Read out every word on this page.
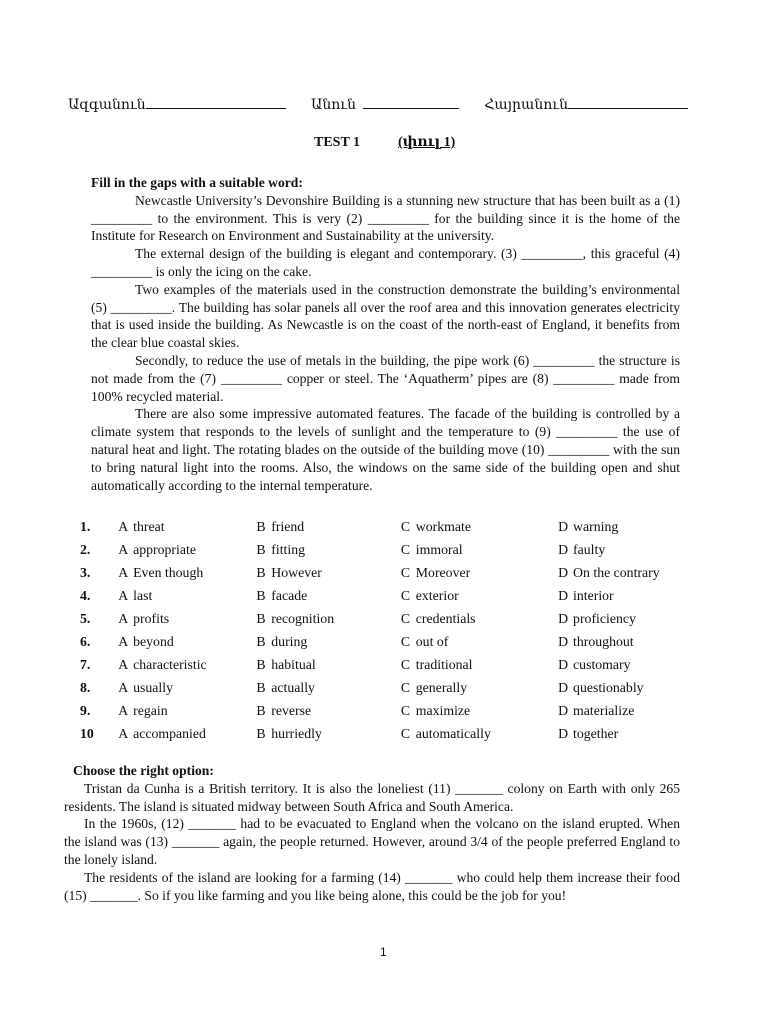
Ազգանուն	Անուն	Հայրանուն
TEST 1	(փուլ 1)
Fill in the gaps with a suitable word:

Newcastle University’s Devonshire Building is a stunning new structure that has been built as a (1) _________ to the environment. This is very (2) _________ for the building since it is the home of the Institute for Research on Environment and Sustainability at the university.

The external design of the building is elegant and contemporary. (3) _________, this graceful (4) _________ is only the icing on the cake.

Two examples of the materials used in the construction demonstrate the building’s environmental (5) _________. The building has solar panels all over the roof area and this innovation generates electricity that is used inside the building. As Newcastle is on the coast of the north-east of England, it benefits from the clear blue coastal skies.

Secondly, to reduce the use of metals in the building, the pipe work (6) _________ the structure is not made from the (7) _________ copper or steel. The ‘Aquatherm’ pipes are (8) _________ made from 100% recycled material.

There are also some impressive automated features. The facade of the building is controlled by a climate system that responds to the levels of sunlight and the temperature to (9) _________ the use of natural heat and light. The rotating blades on the outside of the building move (10) _________ with the sun to bring natural light into the rooms. Also, the windows on the same side of the building open and shut automatically according to the internal temperature.

1.	A	threat	B	friend	C	workmate	D	warning
2.	A	appropriate	B	fitting	C	immoral	D	faulty
3.	A	Even though	B	However	C	Moreover	D	On the contrary
4.	A	last	B	facade	C	exterior	D	interior
5.	A	profits	B	recognition	C	credentials	D	proficiency
6.	A	beyond	B	during	C	out of	D	throughout
7.	A	characteristic	B	habitual	C	traditional	D	customary
8.	A	usually	B	actually	C	generally	D	questionably
9.	A	regain	B	reverse	C	maximize	D	materialize
10	A	accompanied	B	hurriedly	C	automatically	D	together
Choose the right option:

Tristan da Cunha is a British territory. It is also the loneliest (11) _______ colony on Earth with only 265 residents. The island is situated midway between South Africa and South America.

In the 1960s, (12) _______ had to be evacuated to England when the volcano on the island erupted. When the island was (13) _______ again, the people returned. However, around 3/4 of the people preferred England to the lonely island.

The residents of the island are looking for a farming (14) _______ who could help them increase their food (15) _______. So if you like farming and you like being alone, this could be the job for you!

1
